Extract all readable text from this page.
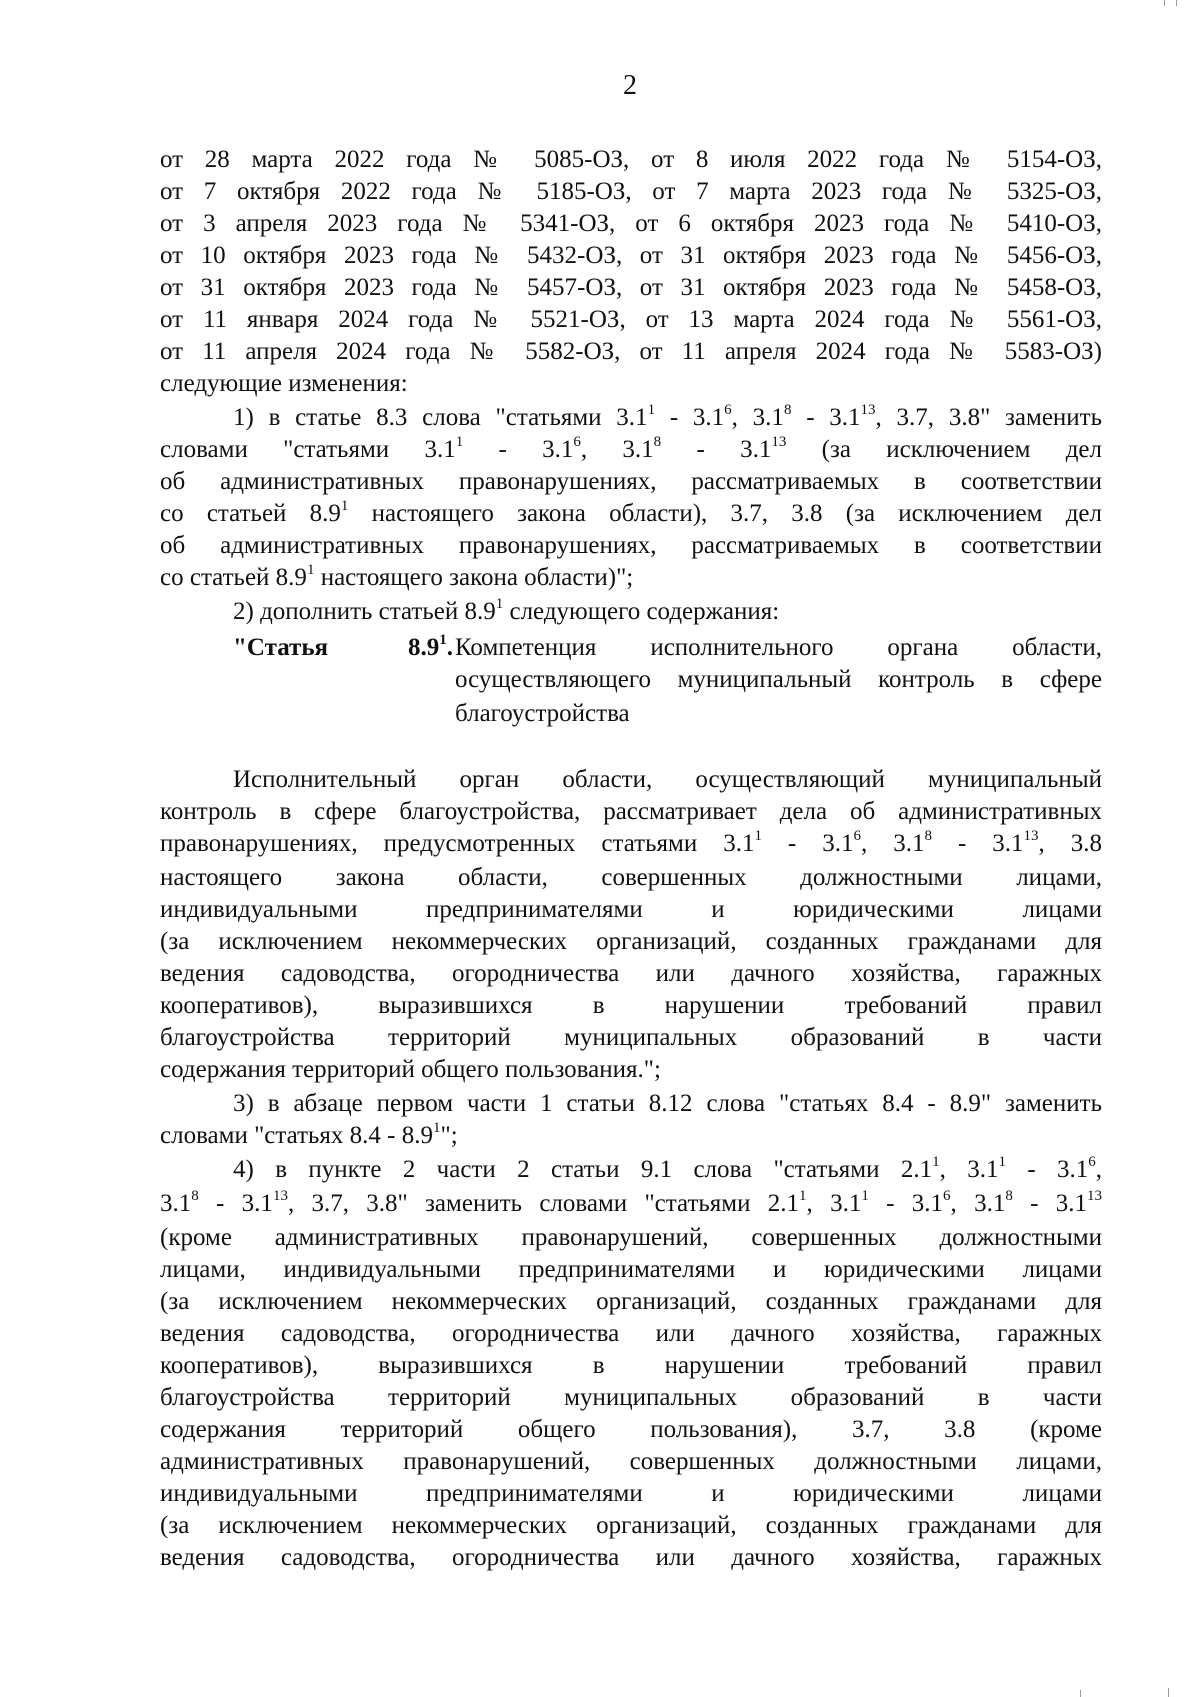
2

от 28 марта 2022 года № 5085-ОЗ, от 8 июля 2022 года № 5154-ОЗ,

от 7 октября 2022 года № 5185-ОЗ, от 7 марта 2023 года № 5325-ОЗ,

от 3 апреля 2023 года № 5341-ОЗ, от 6 октября 2023 года № 5410-ОЗ,

от 10 октября 2023 года № 5432-ОЗ, от 31 октября 2023 года № 5456-ОЗ,

от 31 октября 2023 года № 5457-ОЗ, от 31 октября 2023 года № 5458-ОЗ,

от 11 января 2024 года № 5521-ОЗ, от 13 марта 2024 года № 5561-ОЗ,

от 11 апреля 2024 года № 5582-ОЗ, от 11 апреля 2024 года № 5583-ОЗ)

следующие изменения:

1) в статье 8.3 слова "статьями $3.1^1 - 3.1^6$, $3.1^8 - 3.1^{13}$, 3.7, 3.8" заменить

словами "статьями $3.1^1 - 3.1^6$, $3.1^8 - 3.1^{13}$ (за исключением дел

об административных правонарушениях, рассматриваемых в соответствии

со статьей $8.9^1$ настоящего закона области), 3.7, 3.8 (за исключением дел

об административных правонарушениях, рассматриваемых в соответствии

со статьей $8.9^1$ настоящего закона области)";

2) дополнить статьей $8.9^1$ следующего содержания:

"Статья $8.9^1$. Компетенция исполнительного органа области,

осуществляющего муниципальный контроль в сфере

благоустройства

Исполнительный орган области, осуществляющий муниципальный

контроль в сфере благоустройства, рассматривает дела об административных

правонарушениях, предусмотренных статьями $3.1^1 - 3.1^6$, $3.1^8 - 3.1^{13}$, 3.8

настоящего закона области, совершенных должностными лицами,

индивидуальными предпринимателями и юридическими лицами

(за исключением некоммерческих организаций, созданных гражданами для

ведения садоводства, огородничества или дачного хозяйства, гаражных

кооперативов), выразившихся в нарушении требований правил

благоустройства территорий муниципальных образований в части

содержания территорий общего пользования.";

3) в абзаце первом части 1 статьи 8.12 слова "статьях 8.4 - 8.9" заменить

словами "статьях $8.4 - 8.9^1$";

4) в пункте 2 части 2 статьи 9.1 слова "статьями $2.1^1$, $3.1^1 - 3.1^6$,

$3.1^8 - 3.1^{13}$, 3.7, 3.8" заменить словами "статьями $2.1^1$, $3.1^1 - 3.1^6$, $3.1^8 - 3.1^{13}$

(кроме административных правонарушений, совершенных должностными

лицами, индивидуальными предпринимателями и юридическими лицами

(за исключением некоммерческих организаций, созданных гражданами для

ведения садоводства, огородничества или дачного хозяйства, гаражных

кооперативов), выразившихся в нарушении требований правил

благоустройства территорий муниципальных образований в части

содержания территорий общего пользования), 3.7, 3.8 (кроме

административных правонарушений, совершенных должностными лицами,

индивидуальными предпринимателями и юридическими лицами

(за исключением некоммерческих организаций, созданных гражданами для

ведения садоводства, огородничества или дачного хозяйства, гаражных
